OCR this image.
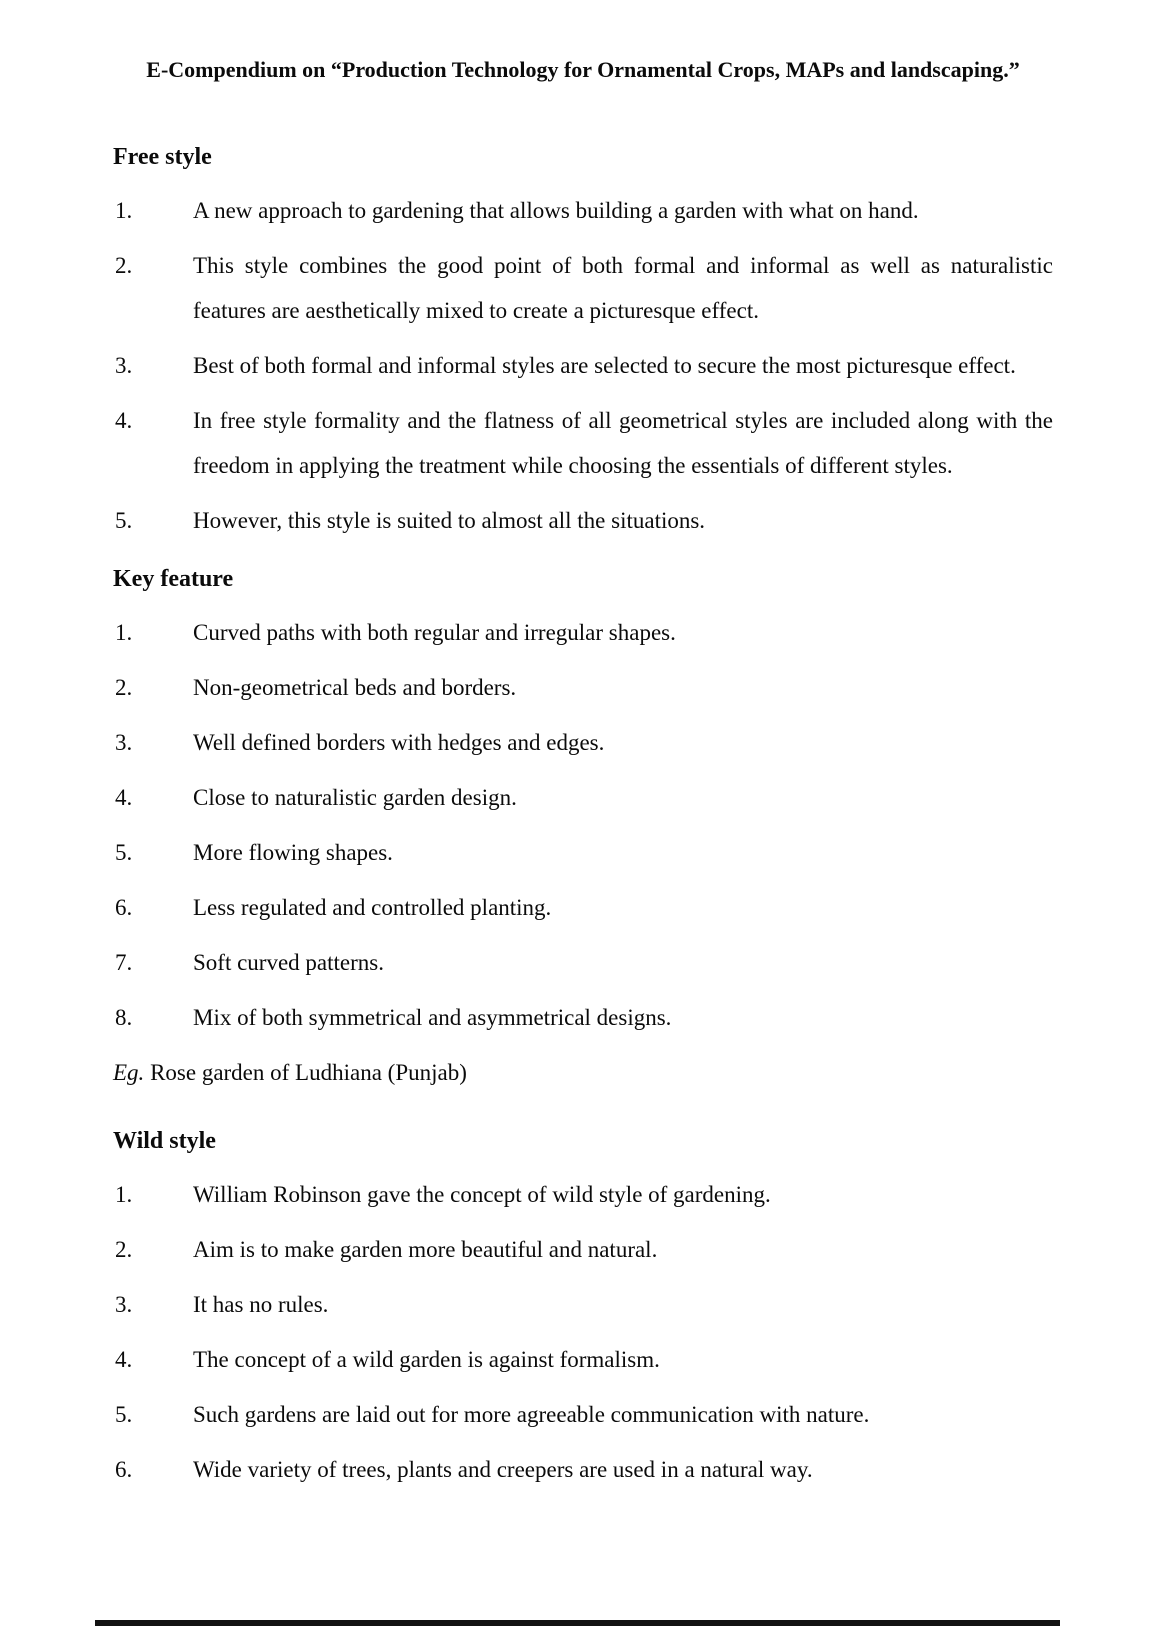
E-Compendium on “Production Technology for Ornamental Crops, MAPs and landscaping.”

Free style
1.	A new approach to gardening that allows building a garden with what on hand.
2.	This style combines the good point of both formal and informal as well as naturalistic features are aesthetically mixed to create a picturesque effect.
3.	Best of both formal and informal styles are selected to secure the most picturesque effect.
4.	In free style formality and the flatness of all geometrical styles are included along with the freedom in applying the treatment while choosing the essentials of different styles.
5.	However, this style is suited to almost all the situations.
Key feature
1.	Curved paths with both regular and irregular shapes.
2.	Non-geometrical beds and borders.
3.	Well defined borders with hedges and edges.
4.	Close to naturalistic garden design.
5.	More flowing shapes.
6.	Less regulated and controlled planting.
7.	Soft curved patterns.
8.	Mix of both symmetrical and asymmetrical designs.

Eg. Rose garden of Ludhiana (Punjab)

Wild style
1.	William Robinson gave the concept of wild style of gardening.
2.	Aim is to make garden more beautiful and natural.
3.	It has no rules.
4.	The concept of a wild garden is against formalism.
5.	Such gardens are laid out for more agreeable communication with nature.
6.	Wide variety of trees, plants and creepers are used in a natural way.
